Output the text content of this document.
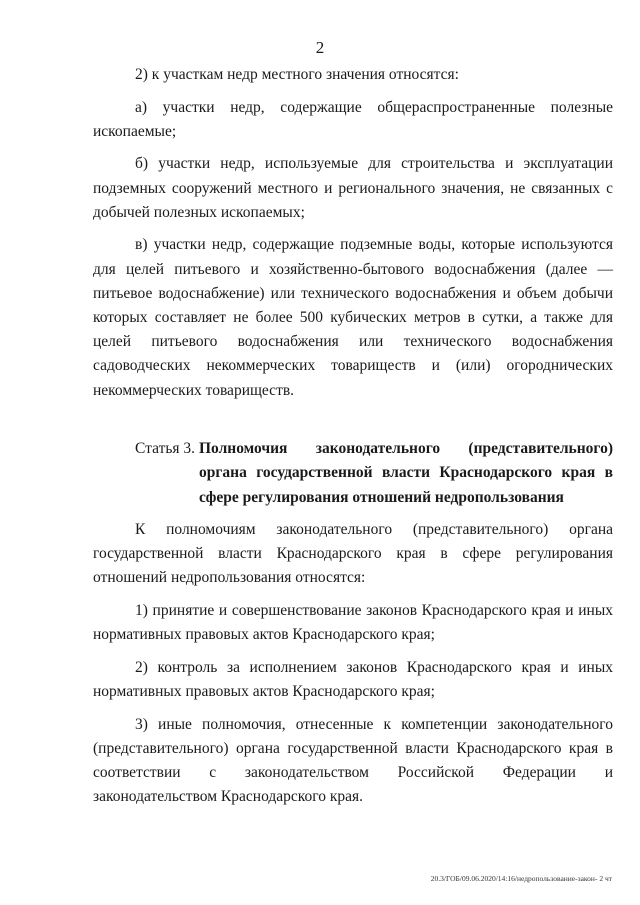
2

2) к участкам недр местного значения относятся:

а) участки недр, содержащие общераспространенные полезные ископаемые;

б) участки недр, используемые для строительства и эксплуатации подземных сооружений местного и регионального значения, не связанных с добычей полезных ископаемых;

в) участки недр, содержащие подземные воды, которые используются для целей питьевого и хозяйственно-бытового водоснабжения (далее — питьевое водоснабжение) или технического водоснабжения и объем добычи которых составляет не более 500 кубических метров в сутки, а также для целей питьевого водоснабжения или технического водоснабжения садоводческих некоммерческих товариществ и (или) огороднических некоммерческих товариществ.

Статья 3. Полномочия законодательного (представительного) органа государственной власти Краснодарского края в сфере регулирования отношений недропользования

К полномочиям законодательного (представительного) органа государственной власти Краснодарского края в сфере регулирования отношений недропользования относятся:

1) принятие и совершенствование законов Краснодарского края и иных нормативных правовых актов Краснодарского края;

2) контроль за исполнением законов Краснодарского края и иных нормативных правовых актов Краснодарского края;

3) иные полномочия, отнесенные к компетенции законодательного (представительного) органа государственной власти Краснодарского края в соответствии с законодательством Российской Федерации и законодательством Краснодарского края.

20.3/ГОБ/09.06.2020/14:16/недропользование-закон- 2 чт
